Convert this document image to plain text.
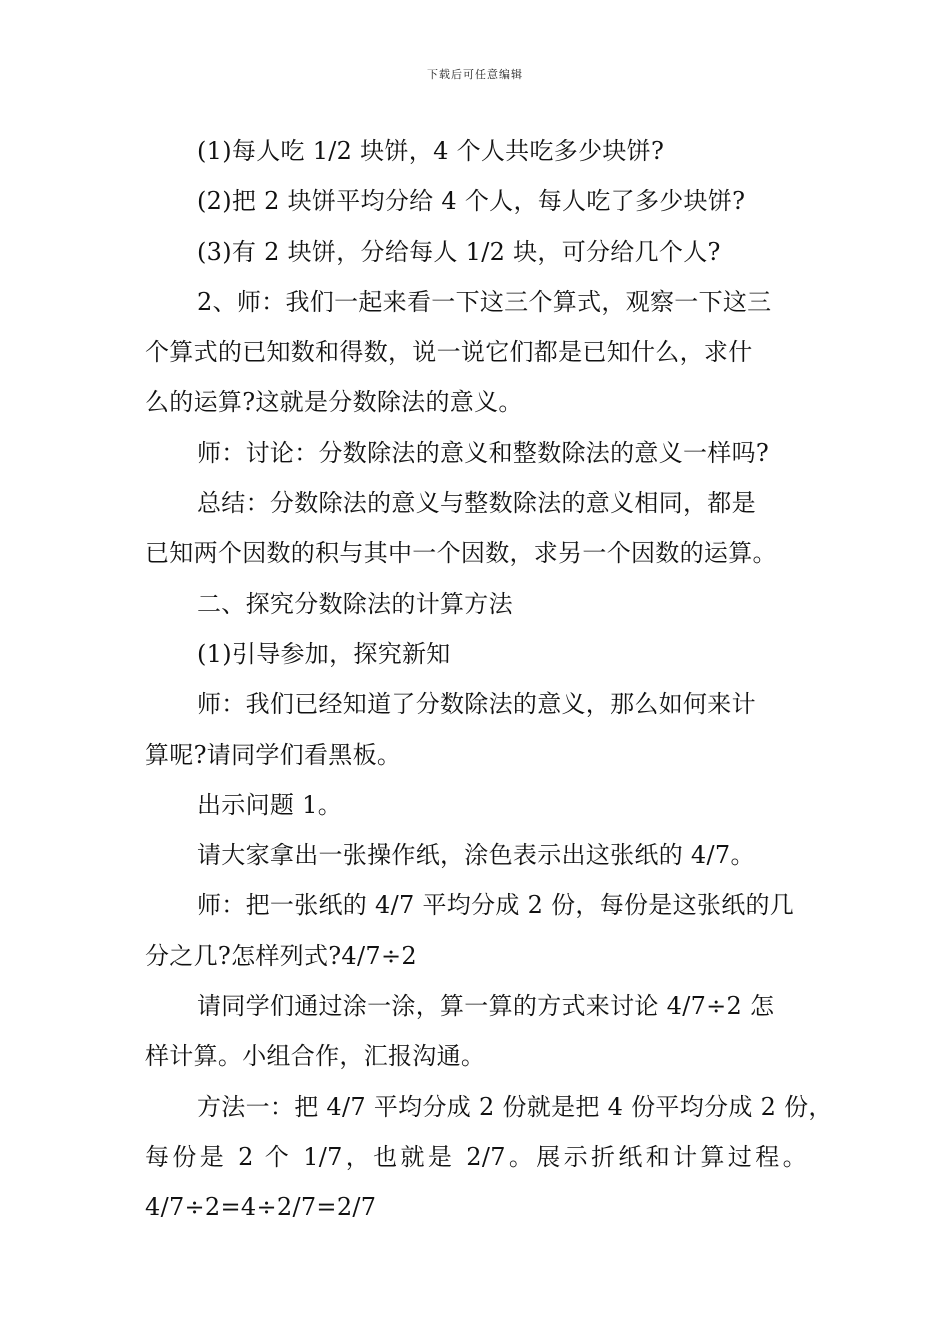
下载后可任意编辑
(1)每人吃 1/2 块饼，4 个人共吃多少块饼?
(2)把 2 块饼平均分给 4 个人，每人吃了多少块饼?
(3)有 2 块饼，分给每人 1/2 块，可分给几个人?
2、师：我们一起来看一下这三个算式，观察一下这三
个算式的已知数和得数，说一说它们都是已知什么，求什
么的运算?这就是分数除法的意义。
师：讨论：分数除法的意义和整数除法的意义一样吗?
总结：分数除法的意义与整数除法的意义相同，都是
已知两个因数的积与其中一个因数，求另一个因数的运算。
二、探究分数除法的计算方法
(1)引导参加，探究新知
师：我们已经知道了分数除法的意义，那么如何来计
算呢?请同学们看黑板。
出示问题 1。
请大家拿出一张操作纸，涂色表示出这张纸的 4/7。
师：把一张纸的 4/7 平均分成 2 份，每份是这张纸的几
分之几?怎样列式?4/7÷2
请同学们通过涂一涂，算一算的方式来讨论 4/7÷2 怎
样计算。小组合作，汇报沟通。
方法一：把 4/7 平均分成 2 份就是把 4 份平均分成 2 份，
每份是 2 个 1/7，也就是 2/7。展示折纸和计算过程。
4/7÷2=4÷2/7=2/7
